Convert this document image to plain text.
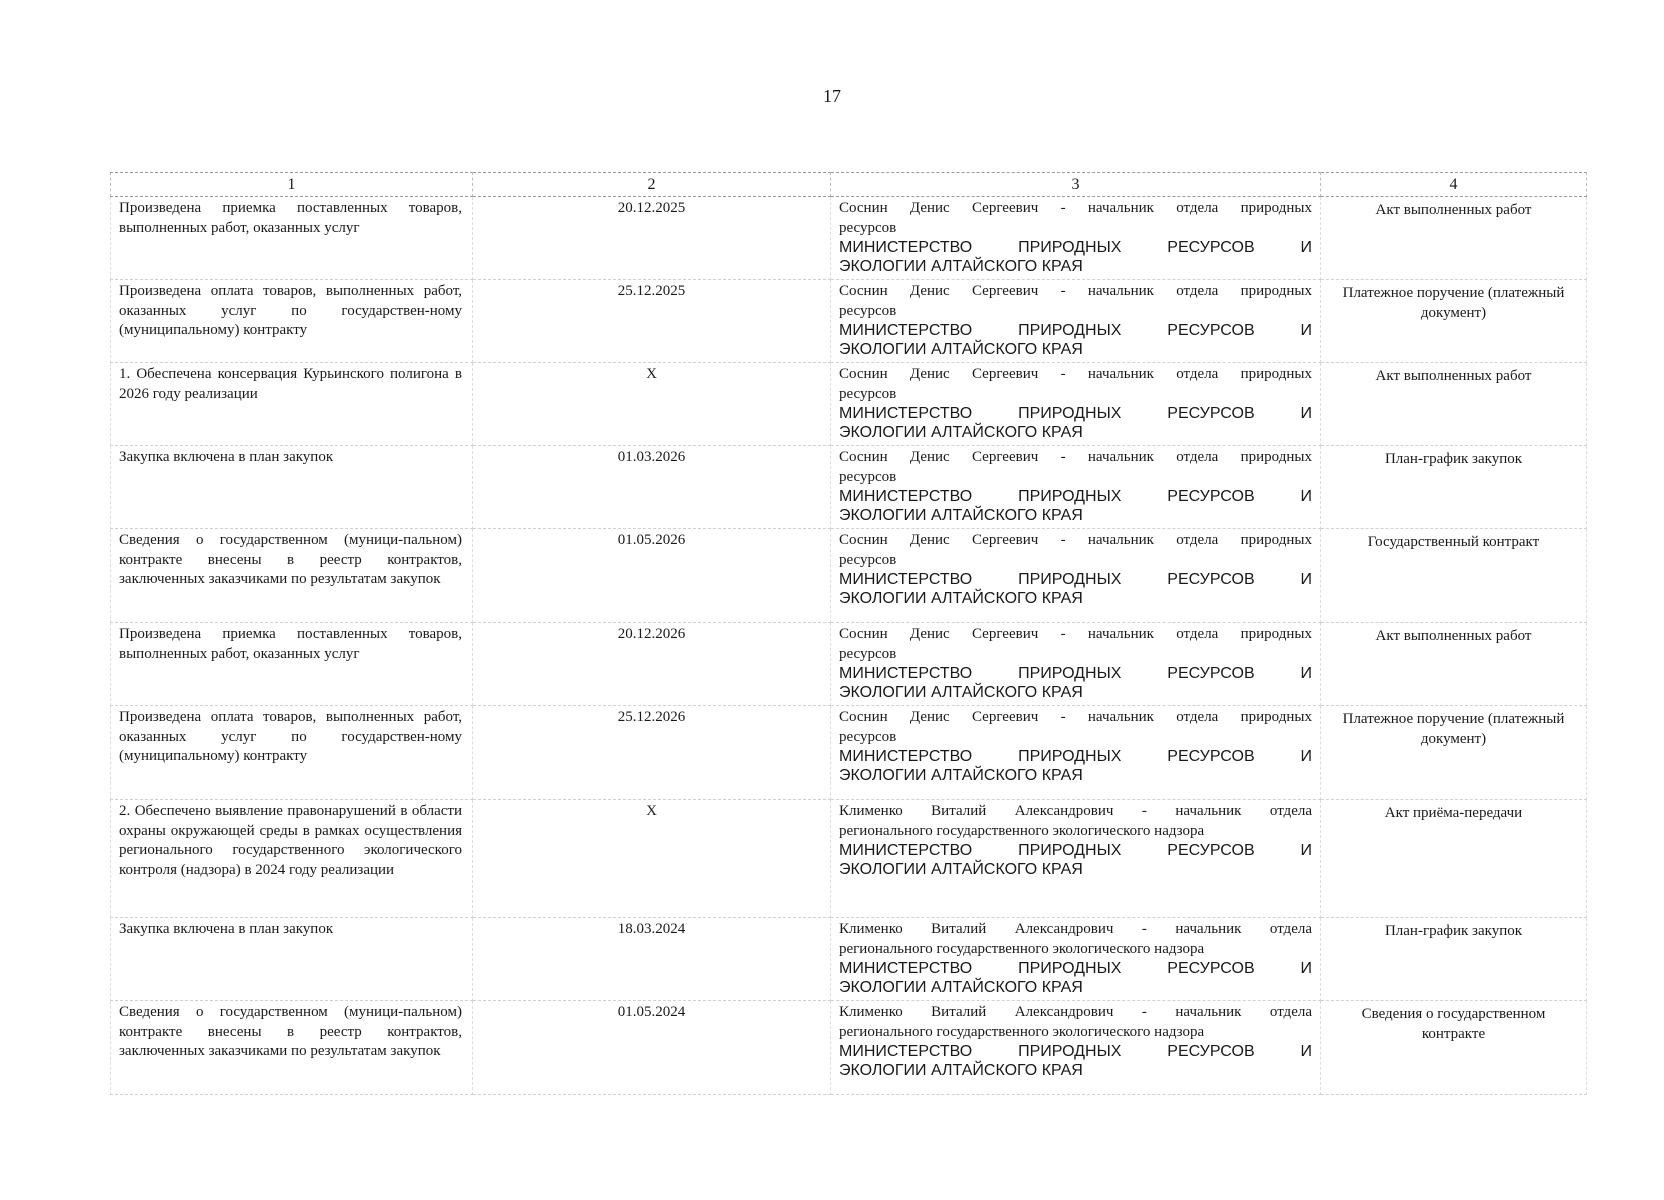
17
1	2	3	4
Произведена приемка поставленных товаров, выполненных работ, оказанных услуг	20.12.2025	Соснин Денис Сергеевич - начальник отдела природных
ресурсов
МИНИСТЕРСТВО ПРИРОДНЫХ РЕСУРСОВ И
ЭКОЛОГИИ АЛТАЙСКОГО КРАЯ	Акт выполненных работ
Произведена оплата товаров, выполненных работ, оказанных услуг по государствен-ному (муниципальному) контракту	25.12.2025	Соснин Денис Сергеевич - начальник отдела природных
ресурсов
МИНИСТЕРСТВО ПРИРОДНЫХ РЕСУРСОВ И
ЭКОЛОГИИ АЛТАЙСКОГО КРАЯ	Платежное поручение (платежный документ)
1. Обеспечена консервация Курьинского полигона в 2026 году реализации	X	Соснин Денис Сергеевич - начальник отдела природных
ресурсов
МИНИСТЕРСТВО ПРИРОДНЫХ РЕСУРСОВ И
ЭКОЛОГИИ АЛТАЙСКОГО КРАЯ	Акт выполненных работ
Закупка включена в план закупок	01.03.2026	Соснин Денис Сергеевич - начальник отдела природных
ресурсов
МИНИСТЕРСТВО ПРИРОДНЫХ РЕСУРСОВ И
ЭКОЛОГИИ АЛТАЙСКОГО КРАЯ	План-график закупок
Сведения о государственном (муници-пальном) контракте внесены в реестр контрактов, заключенных заказчиками по результатам закупок	01.05.2026	Соснин Денис Сергеевич - начальник отдела природных
ресурсов
МИНИСТЕРСТВО ПРИРОДНЫХ РЕСУРСОВ И
ЭКОЛОГИИ АЛТАЙСКОГО КРАЯ	Государственный контракт
Произведена приемка поставленных товаров, выполненных работ, оказанных услуг	20.12.2026	Соснин Денис Сергеевич - начальник отдела природных
ресурсов
МИНИСТЕРСТВО ПРИРОДНЫХ РЕСУРСОВ И
ЭКОЛОГИИ АЛТАЙСКОГО КРАЯ	Акт выполненных работ
Произведена оплата товаров, выполненных работ, оказанных услуг по государствен-ному (муниципальному) контракту	25.12.2026	Соснин Денис Сергеевич - начальник отдела природных
ресурсов
МИНИСТЕРСТВО ПРИРОДНЫХ РЕСУРСОВ И
ЭКОЛОГИИ АЛТАЙСКОГО КРАЯ	Платежное поручение (платежный документ)
2. Обеспечено выявление правонарушений в области охраны окружающей среды в рамках осуществления регионального государственного экологического контроля (надзора) в 2024 году реализации	X	Клименко Виталий Александрович - начальник отдела
регионального государственного экологического надзора
МИНИСТЕРСТВО ПРИРОДНЫХ РЕСУРСОВ И
ЭКОЛОГИИ АЛТАЙСКОГО КРАЯ	Акт приёма-передачи
Закупка включена в план закупок	18.03.2024	Клименко Виталий Александрович - начальник отдела
регионального государственного экологического надзора
МИНИСТЕРСТВО ПРИРОДНЫХ РЕСУРСОВ И
ЭКОЛОГИИ АЛТАЙСКОГО КРАЯ	План-график закупок
Сведения о государственном (муници-пальном) контракте внесены в реестр контрактов, заключенных заказчиками по результатам закупок	01.05.2024	Клименко Виталий Александрович - начальник отдела
регионального государственного экологического надзора
МИНИСТЕРСТВО ПРИРОДНЫХ РЕСУРСОВ И
ЭКОЛОГИИ АЛТАЙСКОГО КРАЯ	Сведения о государственном контракте
